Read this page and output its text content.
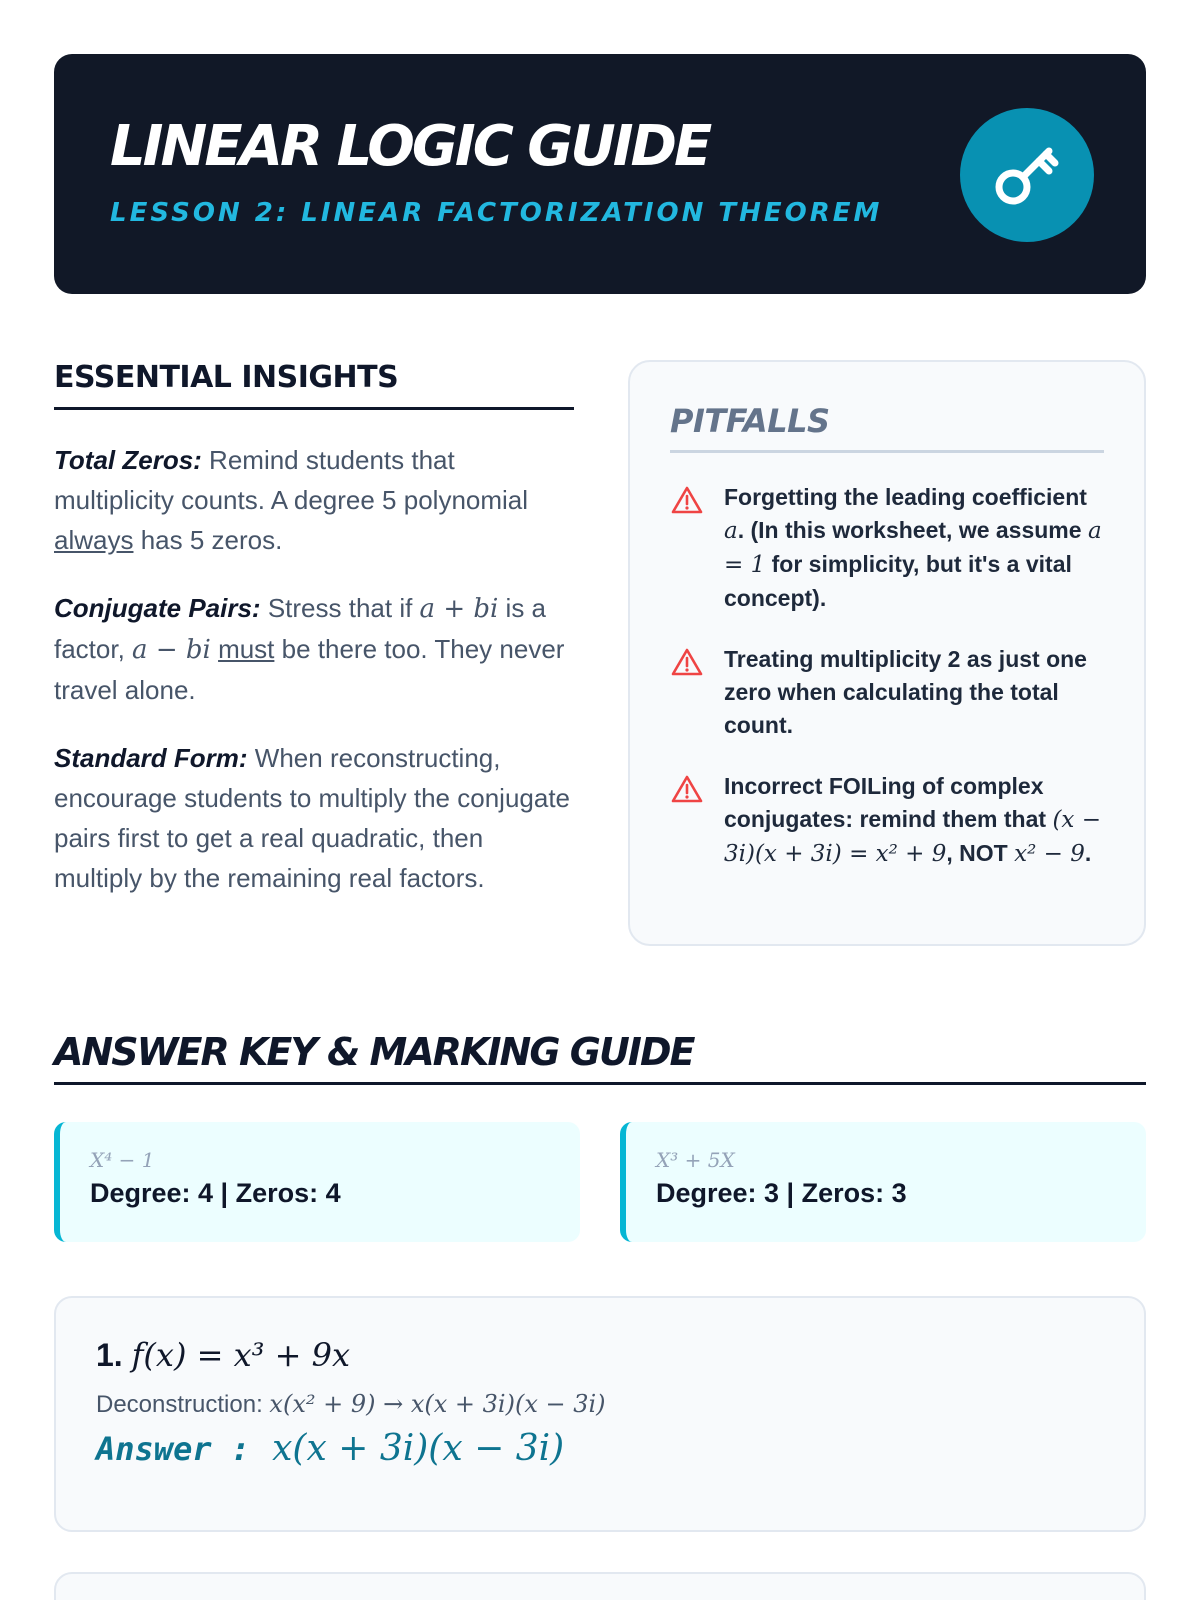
LINEAR LOGIC GUIDE
LESSON 2: LINEAR FACTORIZATION THEOREM
ESSENTIAL INSIGHTS

Total Zeros: Remind students that multiplicity counts. A degree 5 polynomial always has 5 zeros.

Conjugate Pairs: Stress that if a + bi is a factor, a − bi must be there too. They never travel alone.

Standard Form: When reconstructing, encourage students to multiply the conjugate pairs first to get a real quadratic, then multiply by the remaining real factors.

PITFALLS
Forgetting the leading coefficient a. (In this worksheet, we assume a = 1 for simplicity, but it's a vital concept).
Treating multiplicity 2 as just one zero when calculating the total count.
Incorrect FOILing of complex conjugates: remind them that (x − 3i)(x + 3i) = x² + 9, NOT x² − 9.
ANSWER KEY & MARKING GUIDE
X⁴ − 1
Degree: 4 | Zeros: 4
X³ + 5X
Degree: 3 | Zeros: 3
1. f(x) = x³ + 9x
Deconstruction: x(x² + 9) → x(x + 3i)(x − 3i)
Answer : x(x + 3i)(x − 3i)
